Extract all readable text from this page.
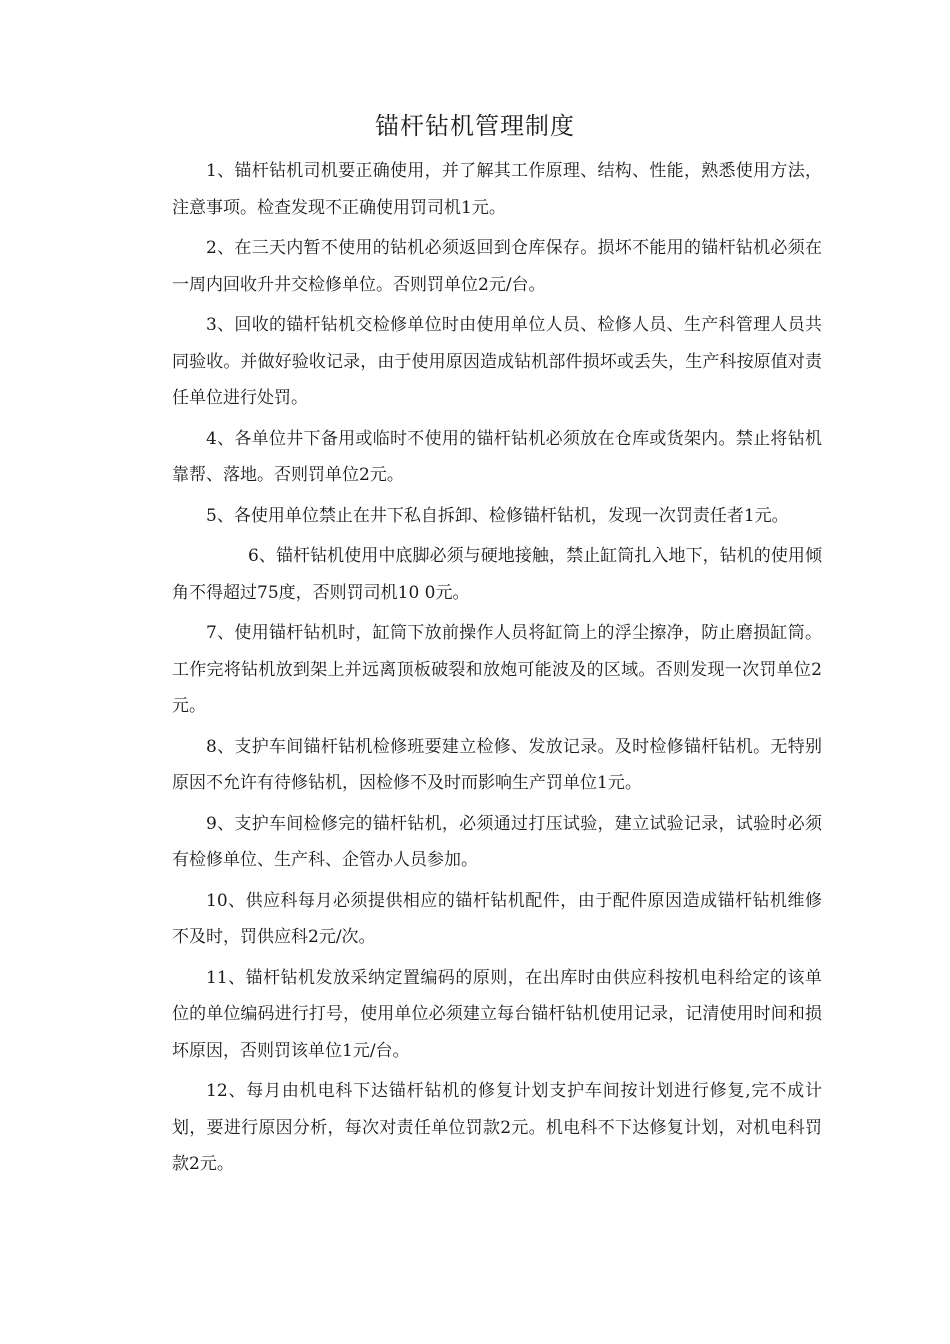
锚杆钻机管理制度

1、锚杆钻机司机要正确使用，并了解其工作原理、结构、性能，熟悉使用方法，注意事项。检查发现不正确使用罚司机1元。

2、在三天内暂不使用的钻机必须返回到仓库保存。损坏不能用的锚杆钻机必须在一周内回收升井交检修单位。否则罚单位2元/台。

3、回收的锚杆钻机交检修单位时由使用单位人员、检修人员、生产科管理人员共同验收。并做好验收记录，由于使用原因造成钻机部件损坏或丢失，生产科按原值对责任单位进行处罚。

4、各单位井下备用或临时不使用的锚杆钻机必须放在仓库或货架内。禁止将钻机靠帮、落地。否则罚单位2元。

5、各使用单位禁止在井下私自拆卸、检修锚杆钻机，发现一次罚责任者1元。

6、锚杆钻机使用中底脚必须与硬地接触，禁止缸筒扎入地下，钻机的使用倾角不得超过75度，否则罚司机10 0元。

7、使用锚杆钻机时，缸筒下放前操作人员将缸筒上的浮尘擦净，防止磨损缸筒。工作完将钻机放到架上并远离顶板破裂和放炮可能波及的区域。否则发现一次罚单位2元。

8、支护车间锚杆钻机检修班要建立检修、发放记录。及时检修锚杆钻机。无特别原因不允许有待修钻机，因检修不及时而影响生产罚单位1元。

9、支护车间检修完的锚杆钻机，必须通过打压试验，建立试验记录，试验时必须有检修单位、生产科、企管办人员参加。

10、供应科每月必须提供相应的锚杆钻机配件，由于配件原因造成锚杆钻机维修不及时，罚供应科2元/次。

11、锚杆钻机发放采纳定置编码的原则，在出库时由供应科按机电科给定的该单位的单位编码进行打号，使用单位必须建立每台锚杆钻机使用记录，记清使用时间和损坏原因，否则罚该单位1元/台。

12、每月由机电科下达锚杆钻机的修复计划支护车间按计划进行修复,完不成计划，要进行原因分析，每次对责任单位罚款2元。机电科不下达修复计划，对机电科罚款2元。
